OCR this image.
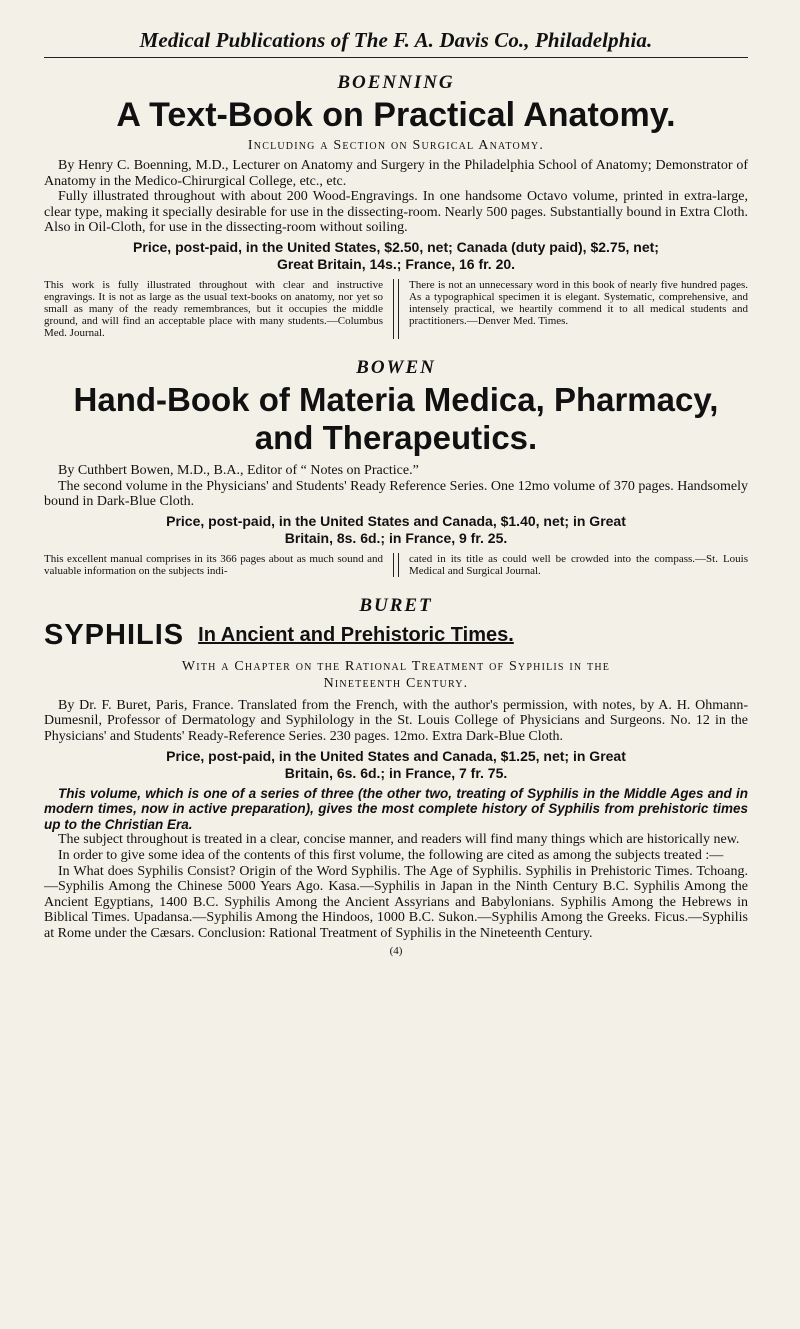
Medical Publications of The F. A. Davis Co., Philadelphia.
BOENNING
A Text-Book on Practical Anatomy.
Including a Section on Surgical Anatomy.

By Henry C. Boenning, M.D., Lecturer on Anatomy and Surgery in the Philadelphia School of Anatomy; Demonstrator of Anatomy in the Medico-Chirurgical College, etc., etc.

Fully illustrated throughout with about 200 Wood-Engravings. In one handsome Octavo volume, printed in extra-large, clear type, making it specially desirable for use in the dissecting-room. Nearly 500 pages. Substantially bound in Extra Cloth. Also in Oil-Cloth, for use in the dissecting-room without soiling.

Price, post-paid, in the United States, $2.50, net; Canada (duty paid), $2.75, net;
Great Britain, 14s.; France, 16 fr. 20.
This work is fully illustrated throughout with clear and instructive engravings. It is not as large as the usual text-books on anatomy, nor yet so small as many of the ready remembrances, but it occupies the middle ground, and will find an acceptable place with many students.—Columbus Med. Journal.
There is not an unnecessary word in this book of nearly five hundred pages. As a typographical specimen it is elegant. Systematic, comprehensive, and intensely practical, we heartily commend it to all medical students and practitioners.—Denver Med. Times.
BOWEN
Hand-Book of Materia Medica, Pharmacy,
and Therapeutics.

By Cuthbert Bowen, M.D., B.A., Editor of “ Notes on Practice.”

The second volume in the Physicians' and Students' Ready Reference Series. One 12mo volume of 370 pages. Handsomely bound in Dark-Blue Cloth.

Price, post-paid, in the United States and Canada, $1.40, net; in Great
Britain, 8s. 6d.; in France, 9 fr. 25.
This excellent manual comprises in its 366 pages about as much sound and valuable information on the subjects indi-
cated in its title as could well be crowded into the compass.—St. Louis Medical and Surgical Journal.
BURET
SYPHILIS In Ancient and Prehistoric Times.
With a Chapter on the Rational Treatment of Syphilis in the
Nineteenth Century.

By Dr. F. Buret, Paris, France. Translated from the French, with the author's permission, with notes, by A. H. Ohmann-Dumesnil, Professor of Dermatology and Syphilology in the St. Louis College of Physicians and Surgeons. No. 12 in the Physicians' and Students' Ready-Reference Series. 230 pages. 12mo. Extra Dark-Blue Cloth.

Price, post-paid, in the United States and Canada, $1.25, net; in Great
Britain, 6s. 6d.; in France, 7 fr. 75.

This volume, which is one of a series of three (the other two, treating of Syphilis in the Middle Ages and in modern times, now in active preparation), gives the most complete history of Syphilis from prehistoric times up to the Christian Era.

The subject throughout is treated in a clear, concise manner, and readers will find many things which are historically new.

In order to give some idea of the contents of this first volume, the following are cited as among the subjects treated :—

In What does Syphilis Consist? Origin of the Word Syphilis. The Age of Syphilis. Syphilis in Prehistoric Times. Tchoang.—Syphilis Among the Chinese 5000 Years Ago. Kasa.—Syphilis in Japan in the Ninth Century B.C. Syphilis Among the Ancient Egyptians, 1400 B.C. Syphilis Among the Ancient Assyrians and Babylonians. Syphilis Among the Hebrews in Biblical Times. Upadansa.—Syphilis Among the Hindoos, 1000 B.C. Sukon.—Syphilis Among the Greeks. Ficus.—Syphilis at Rome under the Cæsars. Conclusion: Rational Treatment of Syphilis in the Nineteenth Century.

(4)
